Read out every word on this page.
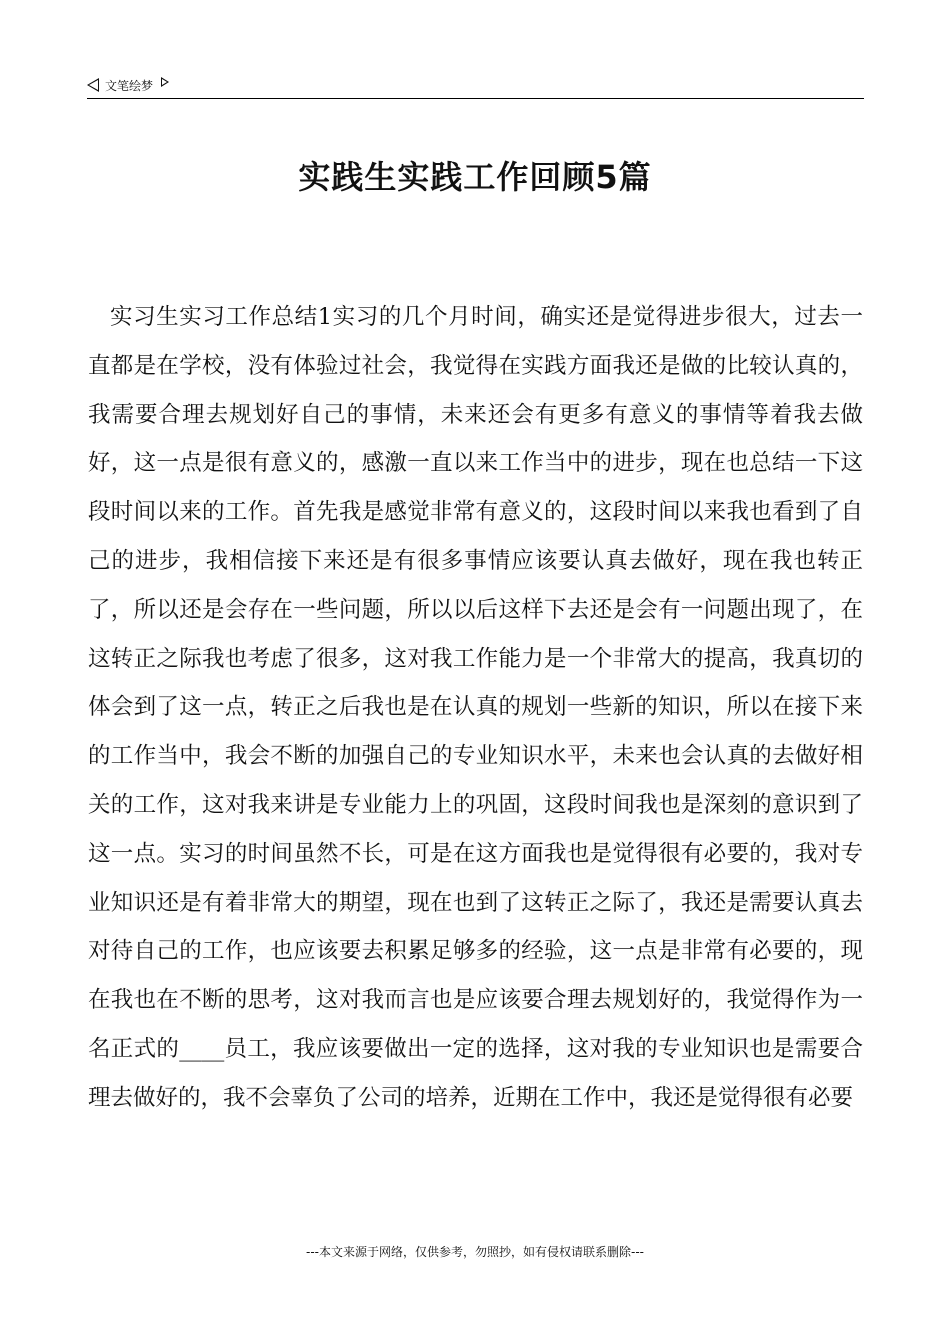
文笔绘梦
实践生实践工作回顾5篇

实习生实习工作总结1实习的几个月时间，确实还是觉得进步很大，过去一直都是在学校，没有体验过社会，我觉得在实践方面我还是做的比较认真的，我需要合理去规划好自己的事情，未来还会有更多有意义的事情等着我去做好，这一点是很有意义的，感激一直以来工作当中的进步，现在也总结一下这段时间以来的工作。首先我是感觉非常有意义的，这段时间以来我也看到了自己的进步，我相信接下来还是有很多事情应该要认真去做好，现在我也转正了，所以还是会存在一些问题，所以以后这样下去还是会有一问题出现了，在这转正之际我也考虑了很多，这对我工作能力是一个非常大的提高，我真切的体会到了这一点，转正之后我也是在认真的规划一些新的知识，所以在接下来的工作当中，我会不断的加强自己的专业知识水平，未来也会认真的去做好相关的工作，这对我来讲是专业能力上的巩固，这段时间我也是深刻的意识到了这一点。实习的时间虽然不长，可是在这方面我也是觉得很有必要的，我对专业知识还是有着非常大的期望，现在也到了这转正之际了，我还是需要认真去对待自己的工作，也应该要去积累足够多的经验，这一点是非常有必要的，现在我也在不断的思考，这对我而言也是应该要合理去规划好的，我觉得作为一名正式的____员工，我应该要做出一定的选择，这对我的专业知识也是需要合理去做好的，我不会辜负了公司的培养，近期在工作中，我还是觉得很有必要

---本文来源于网络，仅供参考，勿照抄，如有侵权请联系删除---
